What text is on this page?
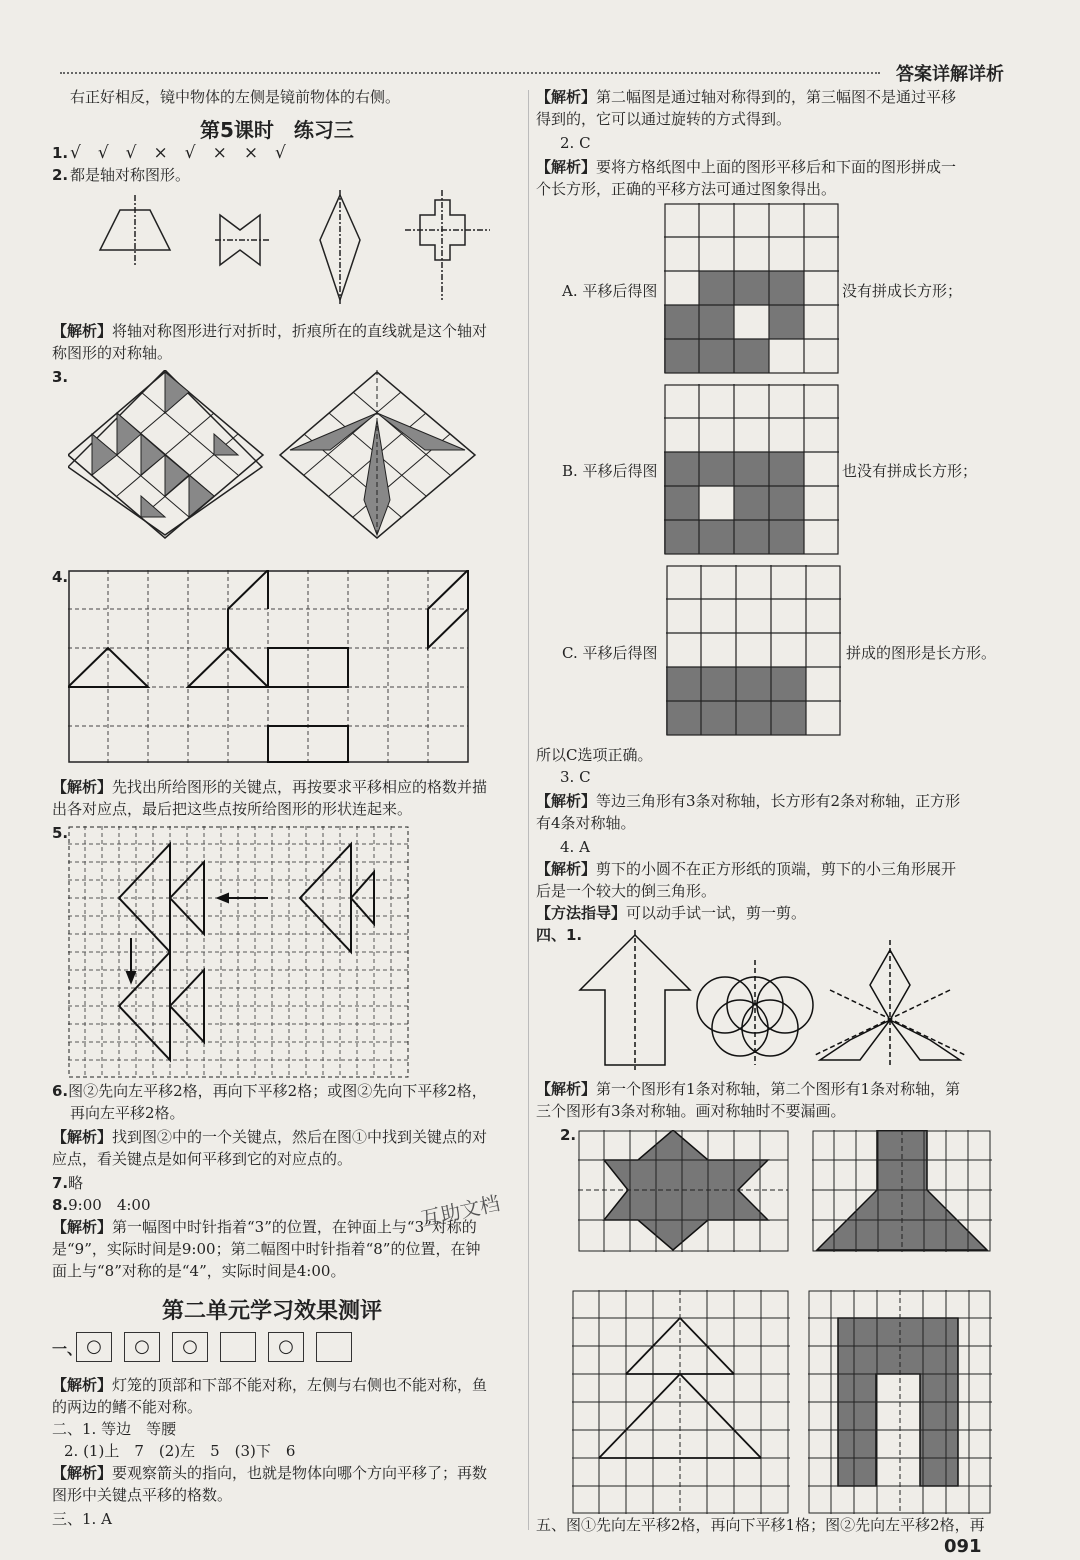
答案详解详析
右正好相反，镜中物体的左侧是镜前物体的右侧。
第5课时　练习三
1. √　√　√　×　√　×　×　√
2. 都是轴对称图形。
【解析】将轴对称图形进行对折时，折痕所在的直线就是这个轴对
称图形的对称轴。
3.
4.
【解析】先找出所给图形的关键点，再按要求平移相应的格数并描
出各对应点，最后把这些点按所给图形的形状连起来。
5.
6.图②先向左平移2格，再向下平移2格；或图②先向下平移2格，
再向左平移2格。
【解析】找到图②中的一个关键点，然后在图①中找到关键点的对
应点，看关键点是如何平移到它的对应点的。
7.略
8.9:00　4:00
【解析】第一幅图中时针指着“3”的位置，在钟面上与“3”对称的
是“9”，实际时间是9:00；第二幅图中时针指着“8”的位置，在钟
面上与“8”对称的是“4”，实际时间是4:00。
互助文档
第二单元学习效果测评
一、 ○ ○ ○	○
【解析】灯笼的顶部和下部不能对称，左侧与右侧也不能对称，鱼
的两边的鳍不能对称。
二、1. 等边　等腰
2. (1)上　7　(2)左　5　(3)下　6
【解析】要观察箭头的指向，也就是物体向哪个方向平移了；再数
图形中关键点平移的格数。
三、1. A
【解析】第二幅图是通过轴对称得到的，第三幅图不是通过平移
得到的，它可以通过旋转的方式得到。
2. C
【解析】要将方格纸图中上面的图形平移后和下面的图形拼成一
个长方形，正确的平移方法可通过图象得出。
A. 平移后得图	没有拼成长方形；
B. 平移后得图	也没有拼成长方形；
C. 平移后得图	拼成的图形是长方形。
所以C选项正确。
3. C
【解析】等边三角形有3条对称轴，长方形有2条对称轴，正方形
有4条对称轴。
4. A
【解析】剪下的小圆不在正方形纸的顶端，剪下的小三角形展开
后是一个较大的倒三角形。
【方法指导】可以动手试一试，剪一剪。
四、1.
【解析】第一个图形有1条对称轴，第二个图形有1条对称轴，第
三个图形有3条对称轴。画对称轴时不要漏画。
2.
五、图①先向左平移2格，再向下平移1格；图②先向左平移2格，再
091
